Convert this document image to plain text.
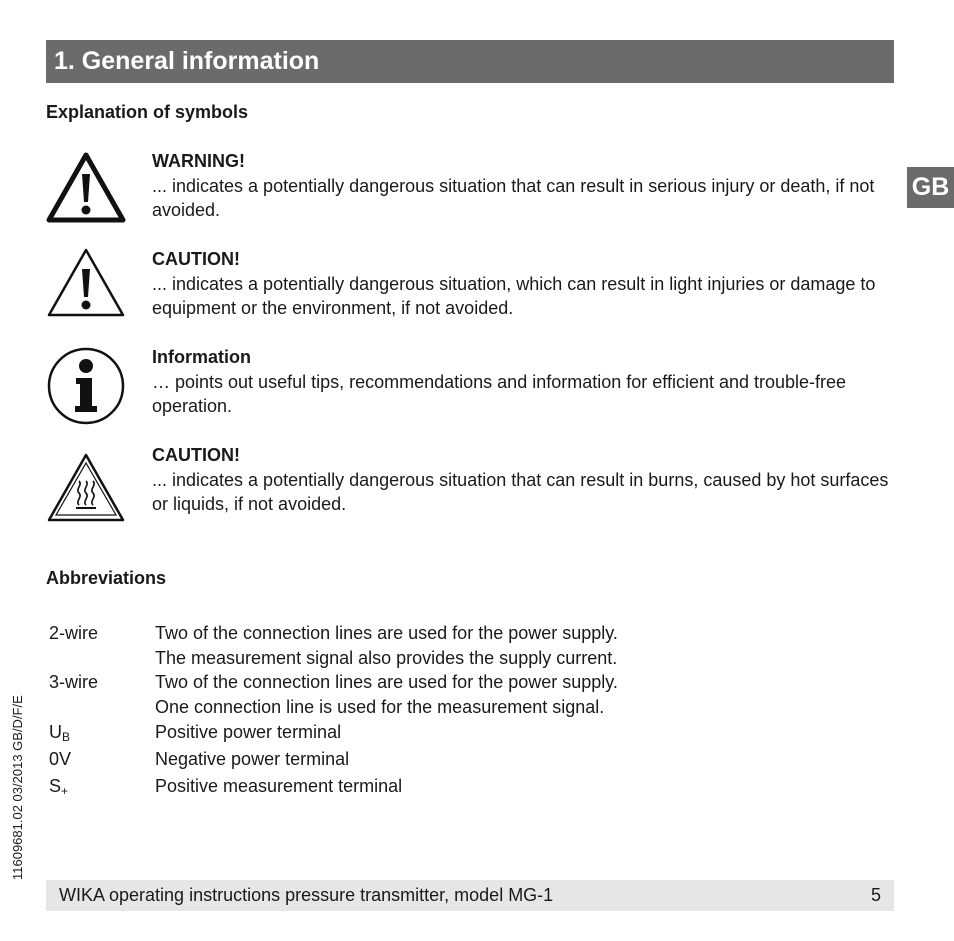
1. General information
GB
Explanation of symbols
WARNING!
... indicates a potentially dangerous situation that can result in serious injury or death, if not avoided.
CAUTION!
... indicates a potentially dangerous situation, which can result in light injuries or damage to equipment or the environment, if not avoided.
Information
… points out useful tips, recommendations and information for efficient and trouble-free operation.
CAUTION!
... indicates a potentially dangerous situation that can result in burns, caused by hot surfaces or liquids, if not avoided.
Abbreviations
2-wire	Two of the connection lines are used for the power supply.
The measurement signal also provides the supply current.
3-wire	Two of the connection lines are used for the power supply.
One connection line is used for the measurement signal.
$U_B$	Positive power terminal
0V	Negative power terminal
$S_+$	Positive measurement terminal
11609681.02 03/2013 GB/D/F/E
WIKA operating instructions pressure transmitter, model MG-1	5
